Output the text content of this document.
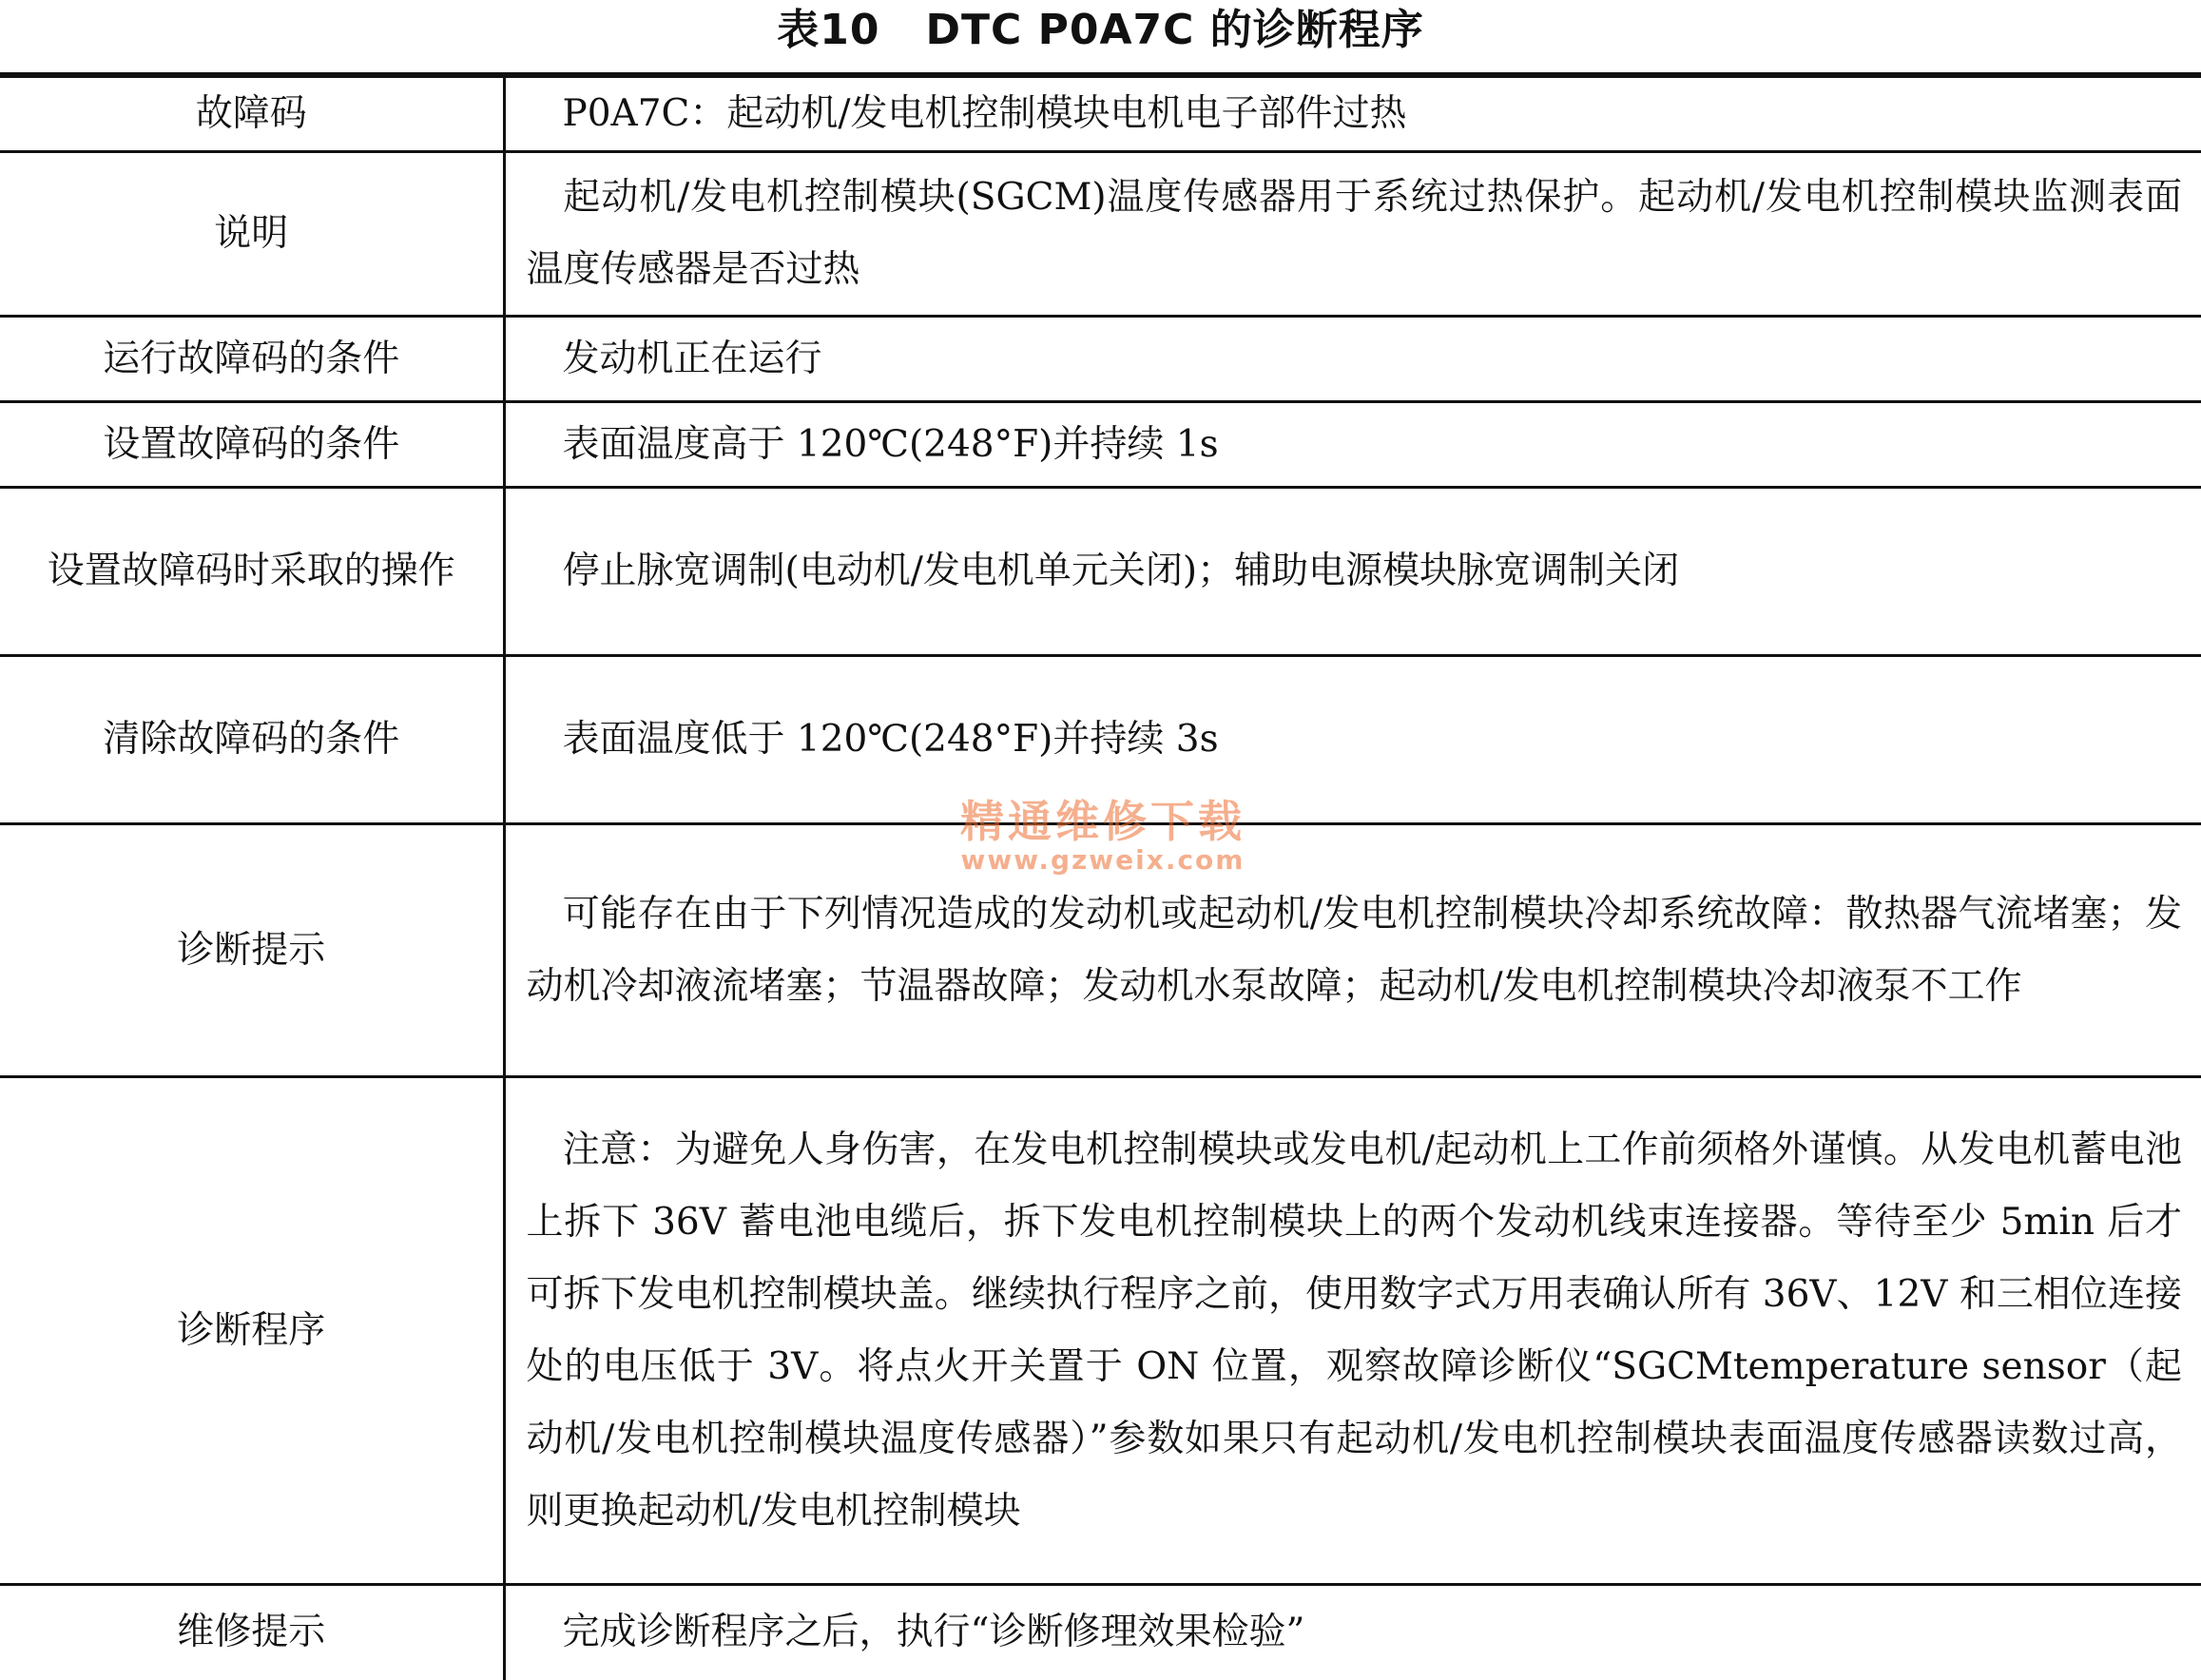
表10 DTC P0A7C 的诊断程序
故障码	P0A7C：起动机/发电机控制模块电机电子部件过热
说明	起动机/发电机控制模块(SGCM)温度传感器用于系统过热保护。起动机/发电机控制模块监测表面温度传感器是否过热
运行故障码的条件	发动机正在运行
设置故障码的条件	表面温度高于 120℃(248°F)并持续 1s
设置故障码时采取的操作	停止脉宽调制(电动机/发电机单元关闭)；辅助电源模块脉宽调制关闭
清除故障码的条件	表面温度低于 120℃(248°F)并持续 3s
诊断提示	可能存在由于下列情况造成的发动机或起动机/发电机控制模块冷却系统故障：散热器气流堵塞；发动机冷却液流堵塞；节温器故障；发动机水泵故障；起动机/发电机控制模块冷却液泵不工作
诊断程序	注意：为避免人身伤害，在发电机控制模块或发电机/起动机上工作前须格外谨慎。从发电机蓄电池上拆下 36V 蓄电池电缆后，拆下发电机控制模块上的两个发动机线束连接器。等待至少 5min 后才可拆下发电机控制模块盖。继续执行程序之前，使用数字式万用表确认所有 36V、12V 和三相位连接处的电压低于 3V。将点火开关置于 ON 位置，观察故障诊断仪“SGCMtemperature sensor（起动机/发电机控制模块温度传感器）”参数如果只有起动机/发电机控制模块表面温度传感器读数过高，则更换起动机/发电机控制模块
维修提示	完成诊断程序之后，执行“诊断修理效果检验”
精通维修下载
www.gzweix.com
